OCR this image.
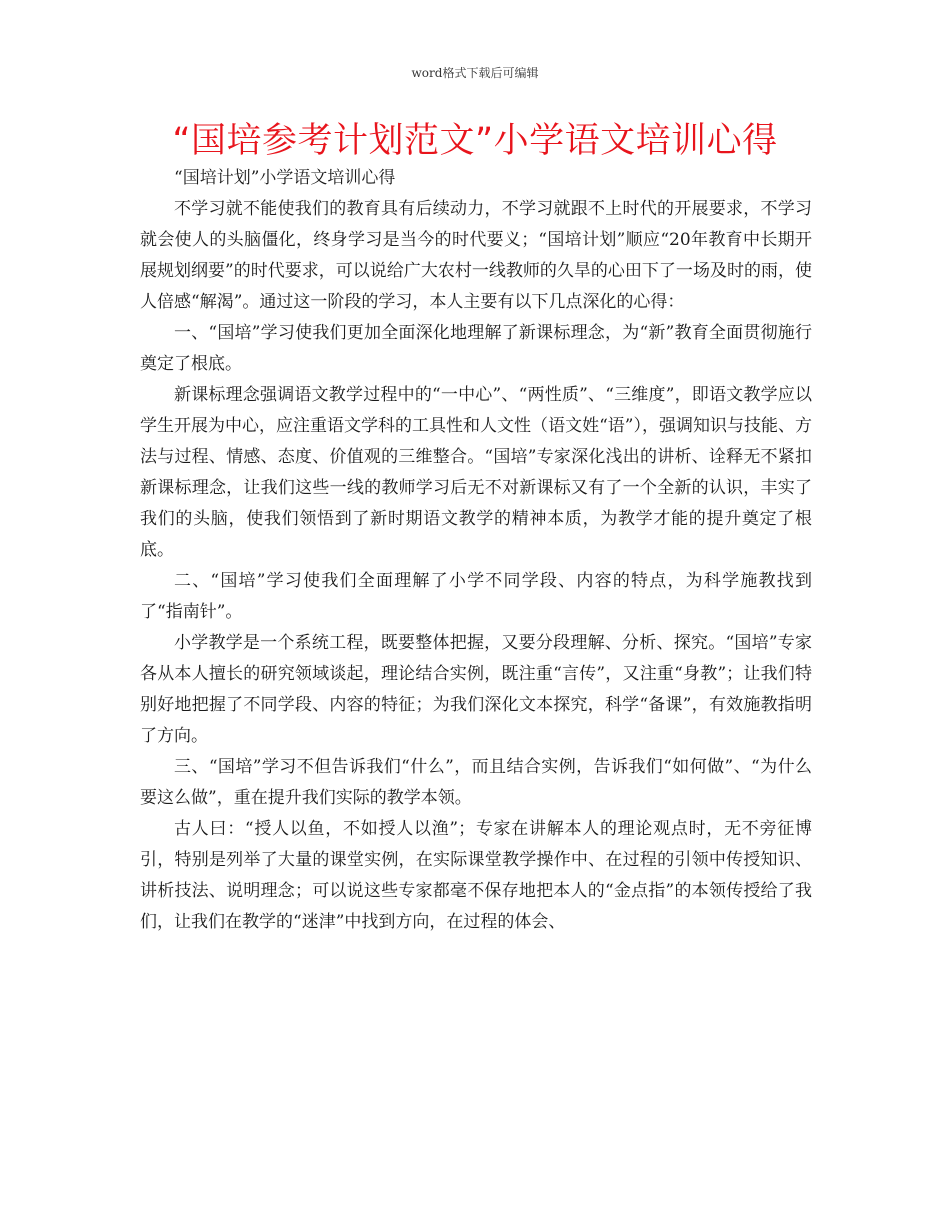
word格式下载后可编辑
“国培参考计划范文”小学语文培训心得

“国培计划”小学语文培训心得

不学习就不能使我们的教育具有后续动力，不学习就跟不上时代的开展要求，不学习就会使人的头脑僵化，终身学习是当今的时代要义；“国培计划”顺应“20年教育中长期开展规划纲要”的时代要求，可以说给广大农村一线教师的久旱的心田下了一场及时的雨，使人倍感“解渴”。通过这一阶段的学习，本人主要有以下几点深化的心得：

一、“国培”学习使我们更加全面深化地理解了新课标理念，为“新”教育全面贯彻施行奠定了根底。

新课标理念强调语文教学过程中的“一中心”、“两性质”、“三维度”，即语文教学应以学生开展为中心，应注重语文学科的工具性和人文性（语文姓“语”），强调知识与技能、方法与过程、情感、态度、价值观的三维整合。“国培”专家深化浅出的讲析、诠释无不紧扣新课标理念，让我们这些一线的教师学习后无不对新课标又有了一个全新的认识，丰实了我们的头脑，使我们领悟到了新时期语文教学的精神本质，为教学才能的提升奠定了根底。

二、“国培”学习使我们全面理解了小学不同学段、内容的特点，为科学施教找到了“指南针”。

小学教学是一个系统工程，既要整体把握，又要分段理解、分析、探究。“国培”专家各从本人擅长的研究领域谈起，理论结合实例，既注重“言传”，又注重“身教”；让我们特别好地把握了不同学段、内容的特征；为我们深化文本探究，科学“备课”，有效施教指明了方向。

三、“国培”学习不但告诉我们“什么”，而且结合实例，告诉我们“如何做”、“为什么要这么做”，重在提升我们实际的教学本领。

古人曰：“授人以鱼，不如授人以渔”；专家在讲解本人的理论观点时，无不旁征博引，特别是列举了大量的课堂实例，在实际课堂教学操作中、在过程的引领中传授知识、讲析技法、说明理念；可以说这些专家都毫不保存地把本人的“金点指”的本领传授给了我们，让我们在教学的“迷津”中找到方向，在过程的体会、
